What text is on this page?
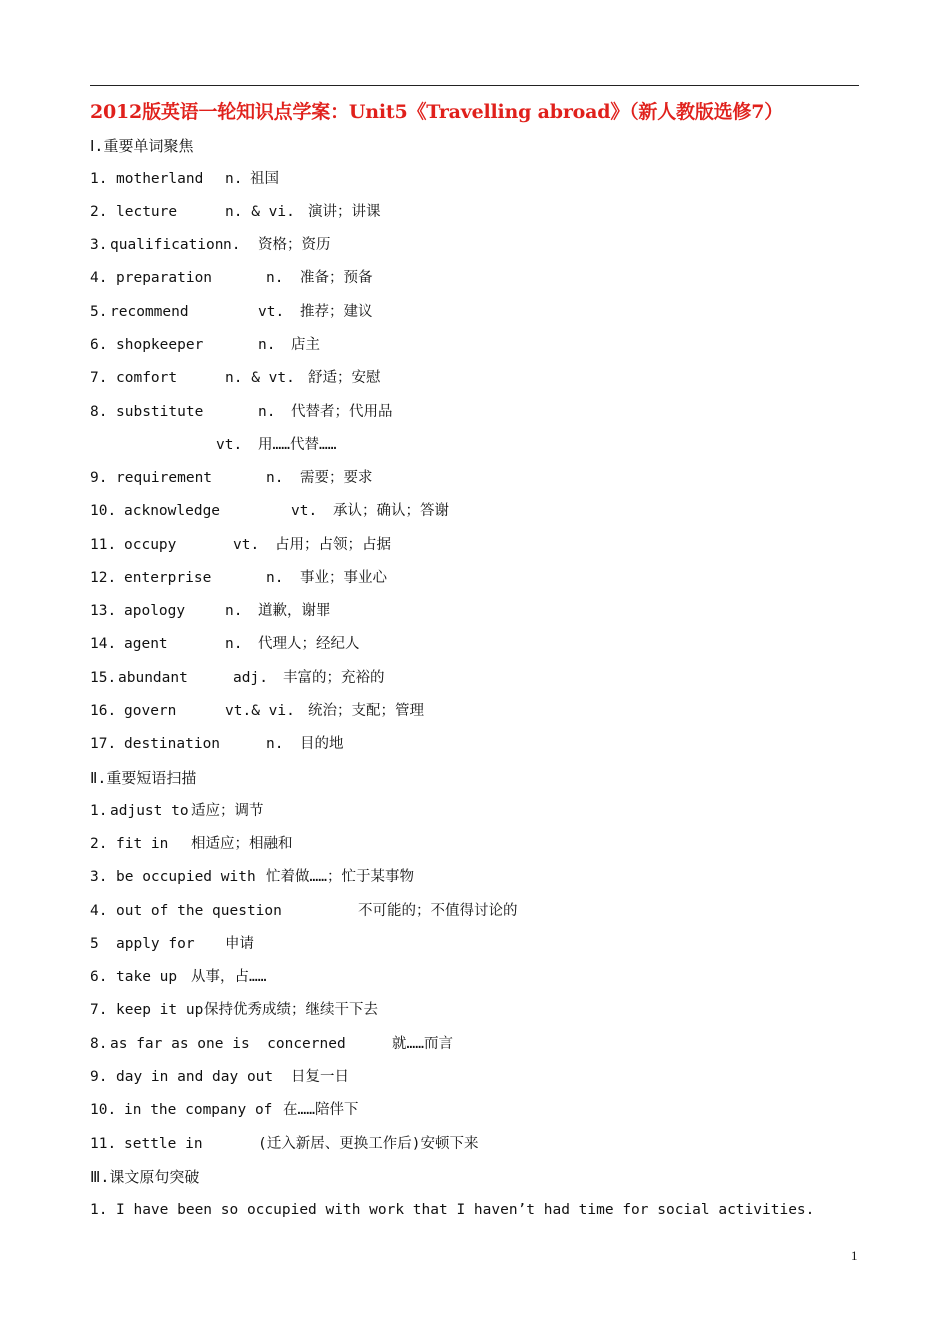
2012版英语一轮知识点学案：Unit5《Travelling abroad》（新人教版选修7）
Ⅰ.重要单词聚焦
1. motherland n. 祖国
2. lecture	n. & vi. 演讲；讲课
3. qualification n. 资格；资历
4. preparation	n. 准备；预备
5. recommend	vt. 推荐；建议
6. shopkeeper	n. 店主
7. comfort	n. & vt. 舒适；安慰
8. substitute	n. 代替者；代用品
vt. 用……代替……
9. requirement	n. 需要；要求
10. acknowledge	vt. 承认；确认；答谢
11. occupy	vt. 占用；占领；占据
12. enterprise	n. 事业；事业心
13. apology	n. 道歉，谢罪
14. agent	n. 代理人；经纪人
15. abundant	adj. 丰富的；充裕的
16. govern	vt.& vi. 统治；支配；管理
17. destination	n. 目的地
Ⅱ.重要短语扫描
1. adjust to 适应；调节
2. fit in 相适应；相融和
3. be occupied with 忙着做……；忙于某事物
4. out of the question	不可能的；不值得讨论的
5 apply for 申请
6. take up 从事，占……
7. keep it up 保持优秀成绩；继续干下去
8. as far as one is  concerned	就……而言
9. day in and day out 日复一日
10. in the company of 在……陪伴下
11. settle in	(迁入新居、更换工作后)安顿下来
Ⅲ.课文原句突破
1. I have been so occupied with work that I haven’t had time for social activities.
1
